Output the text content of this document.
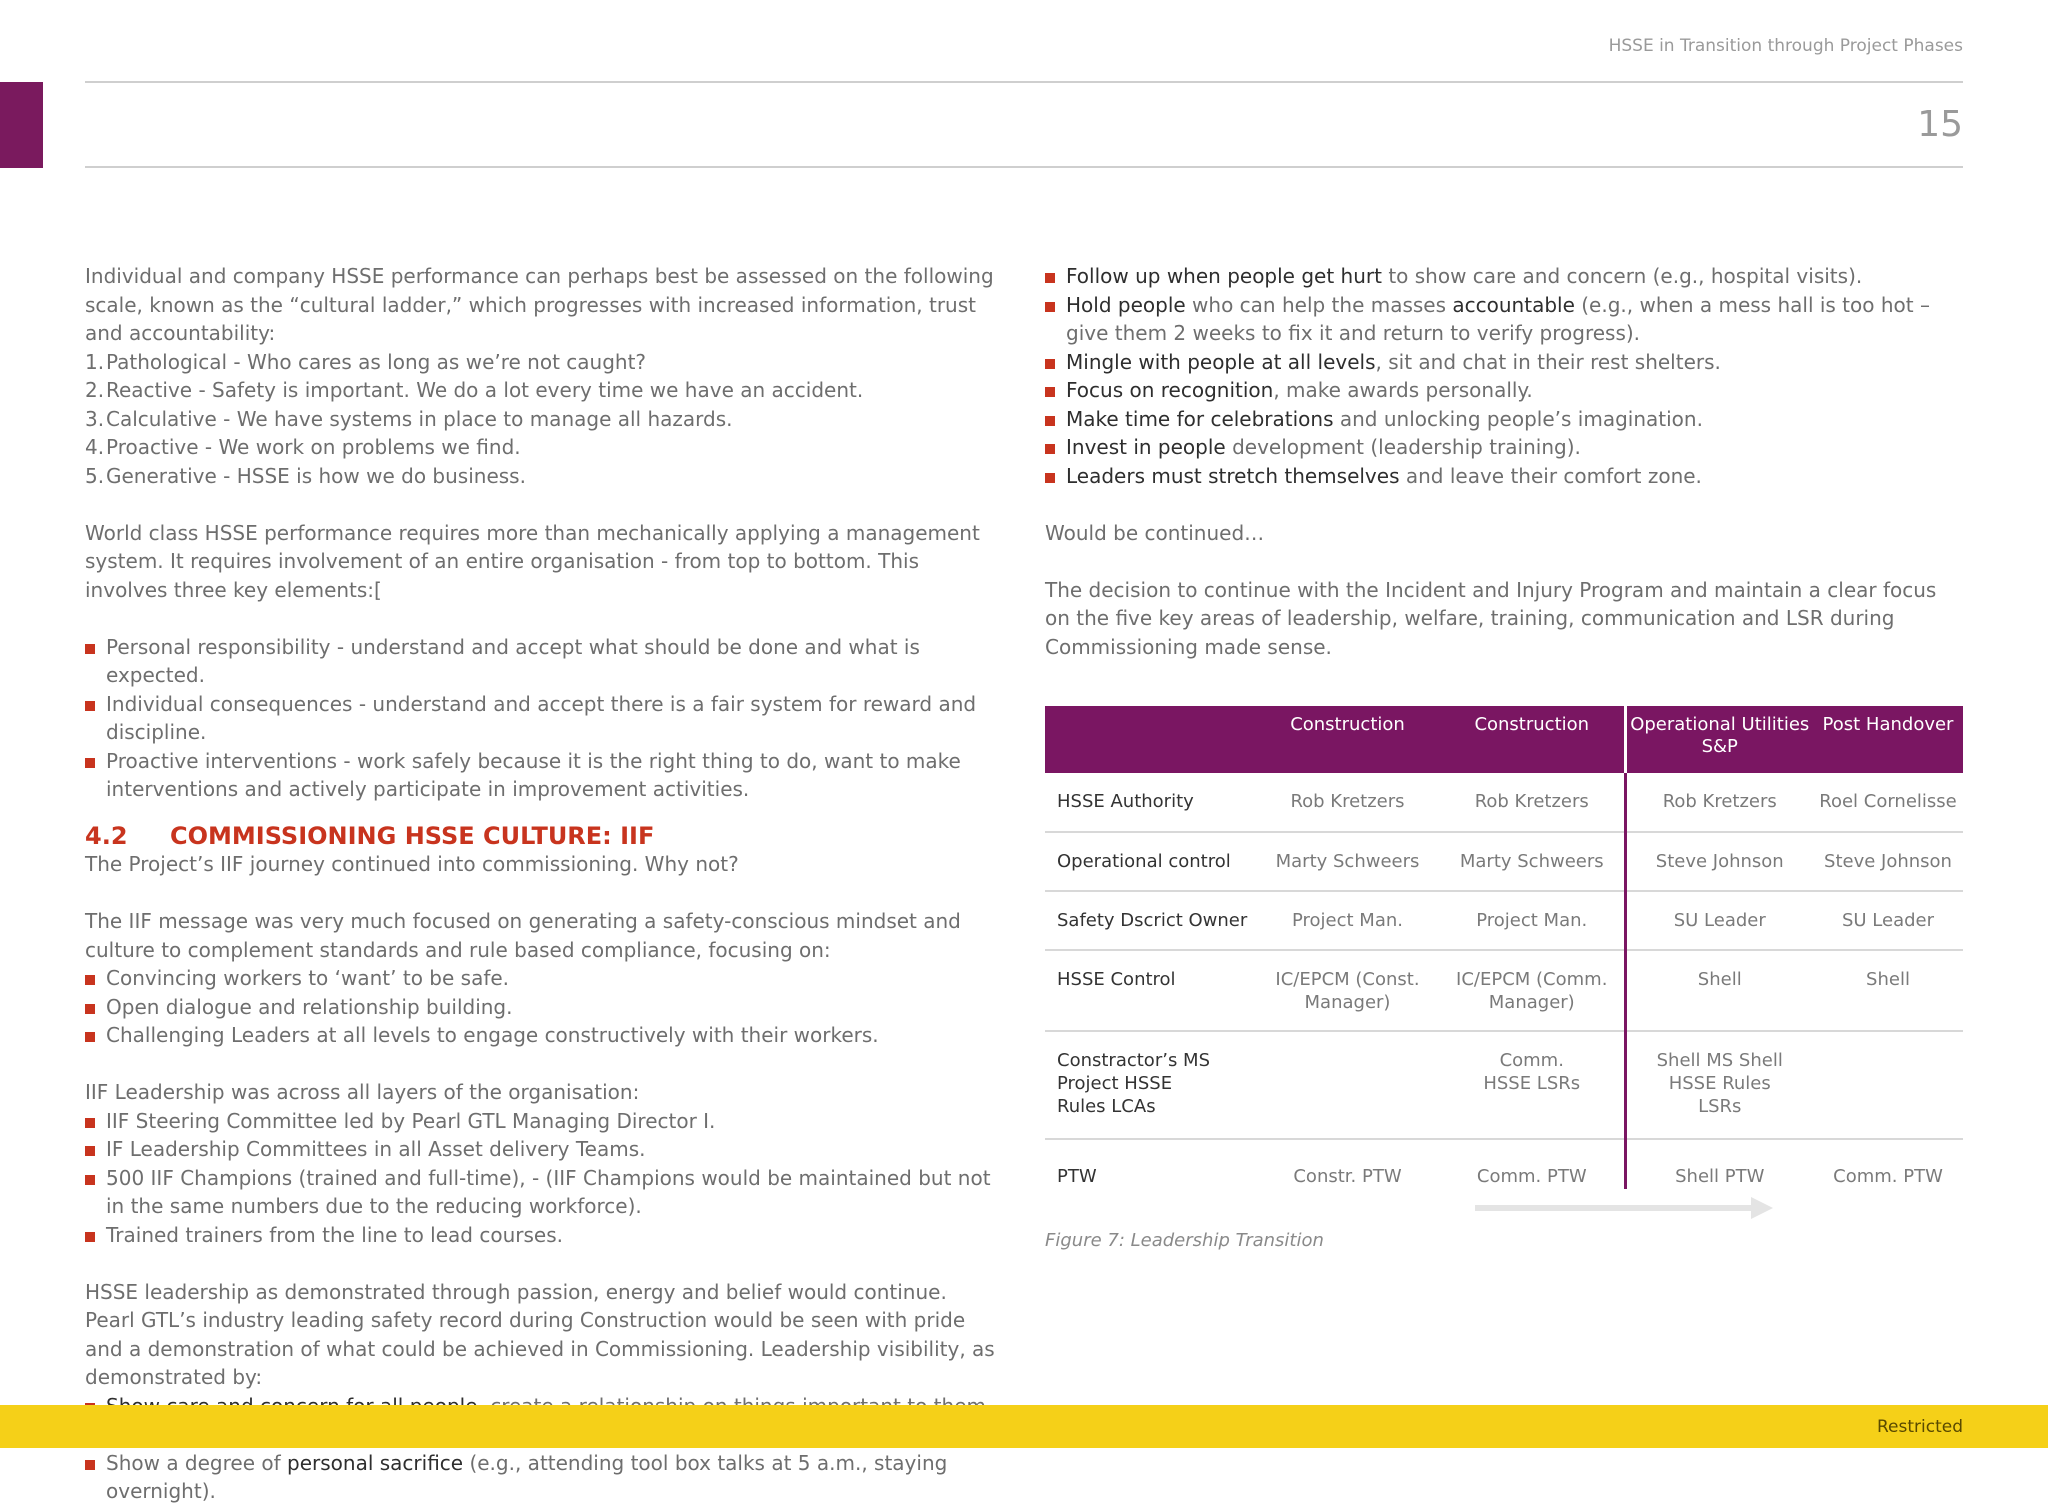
HSSE in Transition through Project Phases
15

Individual and company HSSE performance can perhaps best be assessed on the following scale, known as the “cultural ladder,” which progresses with increased information, trust and accountability:

1. Pathological - Who cares as long as we’re not caught?
2. Reactive - Safety is important. We do a lot every time we have an accident.
3. Calculative - We have systems in place to manage all hazards.
4. Proactive - We work on problems we find.
5. Generative - HSSE is how we do business.

World class HSSE performance requires more than mechanically applying a management system. It requires involvement of an entire organisation - from top to bottom. This involves three key elements:[

Personal responsibility - understand and accept what should be done and what is expected.
Individual consequences - understand and accept there is a fair system for reward and discipline.
Proactive interventions - work safely because it is the right thing to do, want to make interventions and actively participate in improvement activities.
4.2 COMMISSIONING HSSE CULTURE: IIF

The Project’s IIF journey continued into commissioning. Why not?

The IIF message was very much focused on generating a safety-conscious mindset and culture to complement standards and rule based compliance, focusing on:

Convincing workers to ‘want’ to be safe.
Open dialogue and relationship building.
Challenging Leaders at all levels to engage constructively with their workers.

IIF Leadership was across all layers of the organisation:

IIF Steering Committee led by Pearl GTL Managing Director I.
IF Leadership Committees in all Asset delivery Teams.
500 IIF Champions (trained and full-time), - (IIF Champions would be maintained but not in the same numbers due to the reducing workforce).
Trained trainers from the line to lead courses.

HSSE leadership as demonstrated through passion, energy and belief would continue. Pearl GTL’s industry leading safety record during Construction would be seen with pride and a demonstration of what could be achieved in Commissioning. Leadership visibility, as demonstrated by:

Show a degree of personal sacrifice (e.g., attending tool box talks at 5 a.m., staying overnight).
Follow up when people get hurt to show care and concern (e.g., hospital visits).
Hold people who can help the masses accountable (e.g., when a mess hall is too hot – give them 2 weeks to fix it and return to verify progress).
Mingle with people at all levels, sit and chat in their rest shelters.
Focus on recognition, make awards personally.
Make time for celebrations and unlocking people’s imagination.
Invest in people development (leadership training).
Leaders must stretch themselves and leave their comfort zone.

Would be continued…

The decision to continue with the Incident and Injury Program and maintain a clear focus on the five key areas of leadership, welfare, training, communication and LSR during Commissioning made sense.

	Construction	Construction	Operational Utilities S&P	Post Handover
HSSE Authority	Rob Kretzers	Rob Kretzers	Rob Kretzers	Roel Cornelisse
Operational control	Marty Schweers	Marty Schweers	Steve Johnson	Steve Johnson
Safety Dscrict Owner	Project Man.	Project Man.	SU Leader	SU Leader
HSSE Control	IC/EPCM (Const. Manager)	IC/EPCM (Comm. Manager)	Shell	Shell
Constractor’s MS Project HSSE Rules LCAs		Comm. HSSE LSRs	Shell MS Shell HSSE Rules LSRs	
PTW	Constr. PTW	Comm. PTW	Shell PTW	Comm. PTW
Figure 7: Leadership Transition
Restricted
